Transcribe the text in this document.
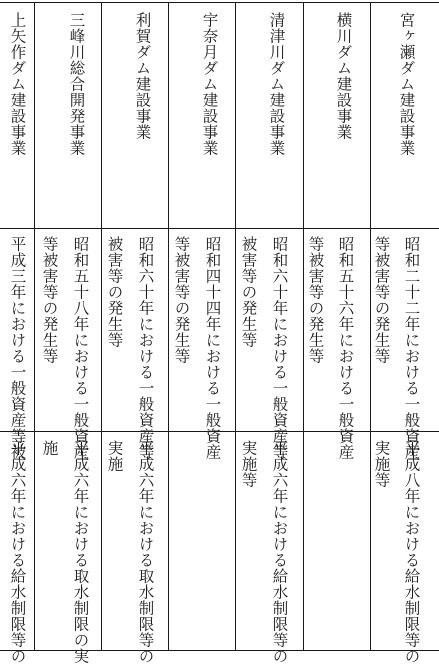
宮ヶ瀬ダム建設事業
昭和二十二年における一般資産
等被害等の発生等
平成八年における給水制限等の
実施等
横川ダム建設事業
昭和五十六年における一般資産
等被害等の発生等
清津川ダム建設事業
昭和六十年における一般資産等
被害等の発生等
平成六年における給水制限等の
実施等
宇奈月ダム建設事業
昭和四十四年における一般資産
等被害等の発生等
利賀ダム建設事業
昭和六十年における一般資産等
被害等の発生等
平成六年における取水制限等の
実施
三峰川総合開発事業
昭和五十八年における一般資産
等被害等の発生等
平成六年における取水制限の実
施
上矢作ダム建設事業
平成三年における一般資産等被
平成六年における給水制限等の
